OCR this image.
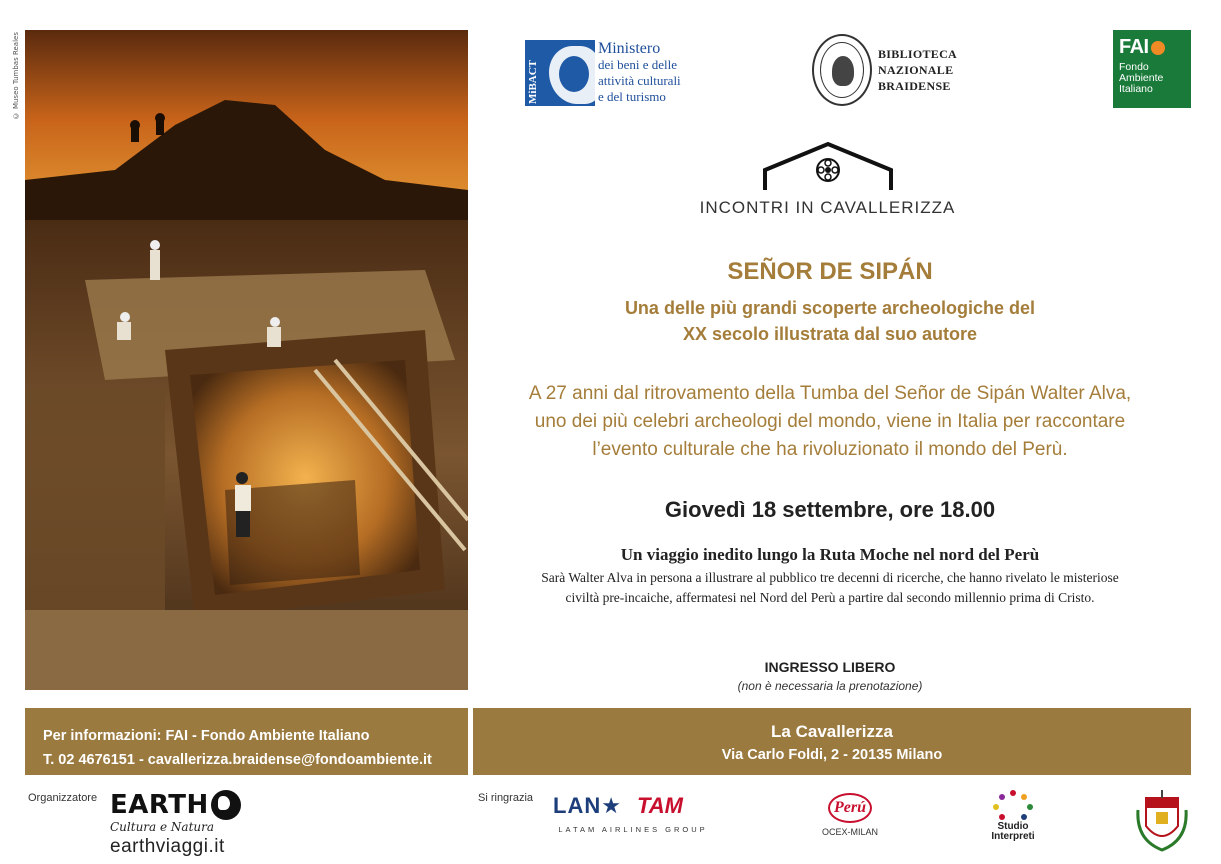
© Museo Tumbas Reales	MiBACT
Ministero
dei beni e delle
attività culturali
e del turismo
BIBLIOTECA
NAZIONALE
BRAIDENSE
FAI
Fondo
Ambiente
Italiano
INCONTRI IN CAVALLERIZZA
SEÑOR DE SIPÁN
Una delle più grandi scoperte archeologiche del
XX secolo illustrata dal suo autore
A 27 anni dal ritrovamento della Tumba del Señor de Sipán Walter Alva,
uno dei più celebri archeologi del mondo, viene in Italia per raccontare
l’evento culturale che ha rivoluzionato il mondo del Perù.
Giovedì 18 settembre, ore 18.00
Un viaggio inedito lungo la Ruta Moche nel nord del Perù
Sarà Walter Alva in persona a illustrare al pubblico tre decenni di ricerche, che hanno rivelato le misteriose
civiltà pre-incaiche, affermatesi nel Nord del Perù a partire dal secondo millennio prima di Cristo.
INGRESSO LIBERO
(non è necessaria la prenotazione)
Per informazioni: FAI - Fondo Ambiente Italiano
T. 02 4676151 - cavallerizza.braidense@fondoambiente.it
La Cavallerizza
Via Carlo Foldi, 2 - 20135 Milano
Organizzatore EARTH
Cultura e Natura
earthviaggi.it
Si ringrazia LAN ★ TAM
LATAM AIRLINES GROUP
Perú
OCEX-MILAN	Studio
Interpreti
